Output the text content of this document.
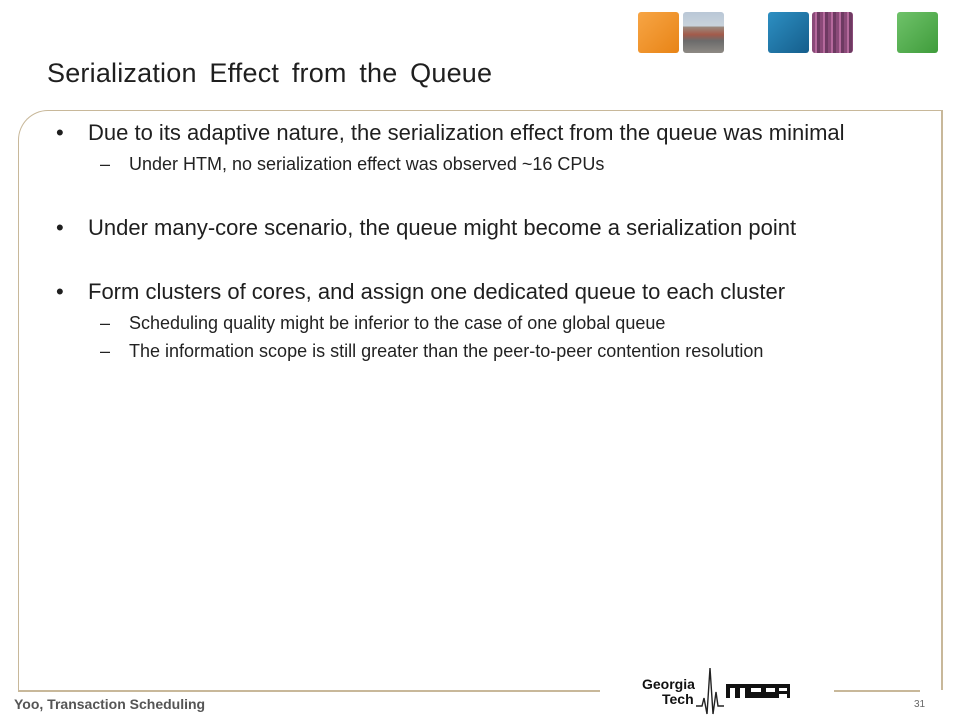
Serialization Effect from the Queue
• Due to its adaptive nature, the serialization effect from the queue was minimal
– Under HTM, no serialization effect was observed ~16 CPUs
• Under many-core scenario, the queue might become a serialization point
• Form clusters of cores, and assign one dedicated queue to each cluster
– Scheduling quality might be inferior to the case of one global queue
– The information scope is still greater than the peer-to-peer contention resolution
Georgia
Tech
Yoo, Transaction Scheduling	31
